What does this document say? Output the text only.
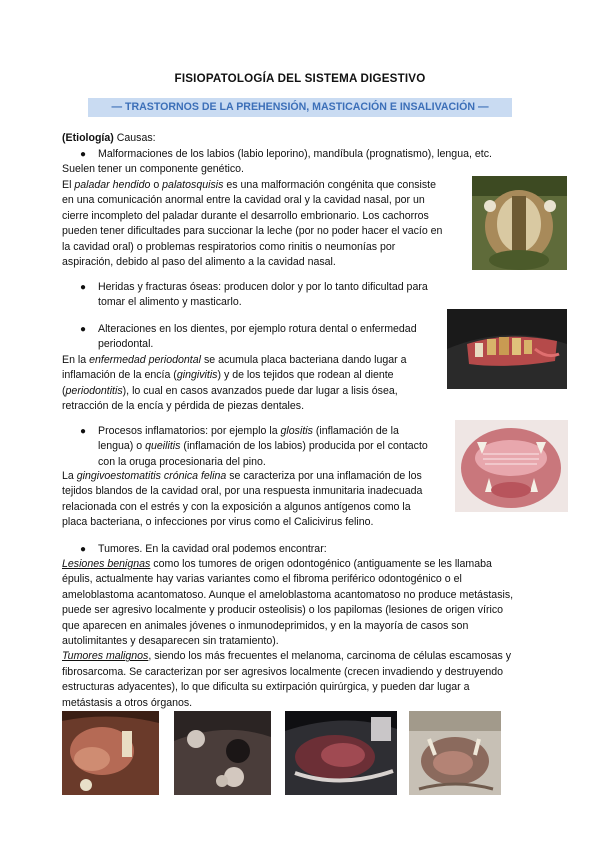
FISIOPATOLOGÍA DEL SISTEMA DIGESTIVO
— TRASTORNOS DE LA PREHENSIÓN, MASTICACIÓN E INSALIVACIÓN —

(Etiología) Causas:

● Malformaciones de los labios (labio leporino), mandíbula (prognatismo), lengua, etc.

Suelen tener un componente genético.

El paladar hendido o palatosquisis es una malformación congénita que consiste
en una comunicación anormal entre la cavidad oral y la cavidad nasal, por un
cierre incompleto del paladar durante el desarrollo embrionario. Los cachorros
pueden tener dificultades para succionar la leche (por no poder hacer el vacío en
la cavidad oral) o problemas respiratorios como rinitis o neumonías por
aspiración, debido al paso del alimento a la cavidad nasal.
● Heridas y fracturas óseas: producen dolor y por lo tanto dificultad para
tomar el alimento y masticarlo.
● Alteraciones en los dientes, por ejemplo rotura dental o enfermedad
periodontal.
En la enfermedad periodontal se acumula placa bacteriana dando lugar a
inflamación de la encía (gingivitis) y de los tejidos que rodean al diente
(periodontitis), lo cual en casos avanzados puede dar lugar a lisis ósea,
retracción de la encía y pérdida de piezas dentales.
● Procesos inflamatorios: por ejemplo la glositis (inflamación de la
lengua) o queilitis (inflamación de los labios) producida por el contacto
con la oruga procesionaria del pino.
La gingivoestomatitis crónica felina se caracteriza por una inflamación de los
tejidos blandos de la cavidad oral, por una respuesta inmunitaria inadecuada
relacionada con el estrés y con la exposición a algunos antígenos como la
placa bacteriana, o infecciones por virus como el Calicivirus felino.
● Tumores. En la cavidad oral podemos encontrar:
Lesiones benignas como los tumores de origen odontogénico (antiguamente se les llamaba
épulis, actualmente hay varias variantes como el fibroma periférico odontogénico o el
ameloblastoma acantomatoso. Aunque el ameloblastoma acantomatoso no produce metástasis,
puede ser agresivo localmente y producir osteolisis) o los papilomas (lesiones de origen vírico
que aparecen en animales jóvenes o inmunodeprimidos, y en la mayoría de casos son
autolimitantes y desaparecen sin tratamiento).
Tumores malignos, siendo los más frecuentes el melanoma, carcinoma de células escamosas y
fibrosarcoma. Se caracterizan por ser agresivos localmente (crecen invadiendo y destruyendo
estructuras adyacentes), lo que dificulta su extirpación quirúrgica, y pueden dar lugar a
metástasis a otros órganos.
